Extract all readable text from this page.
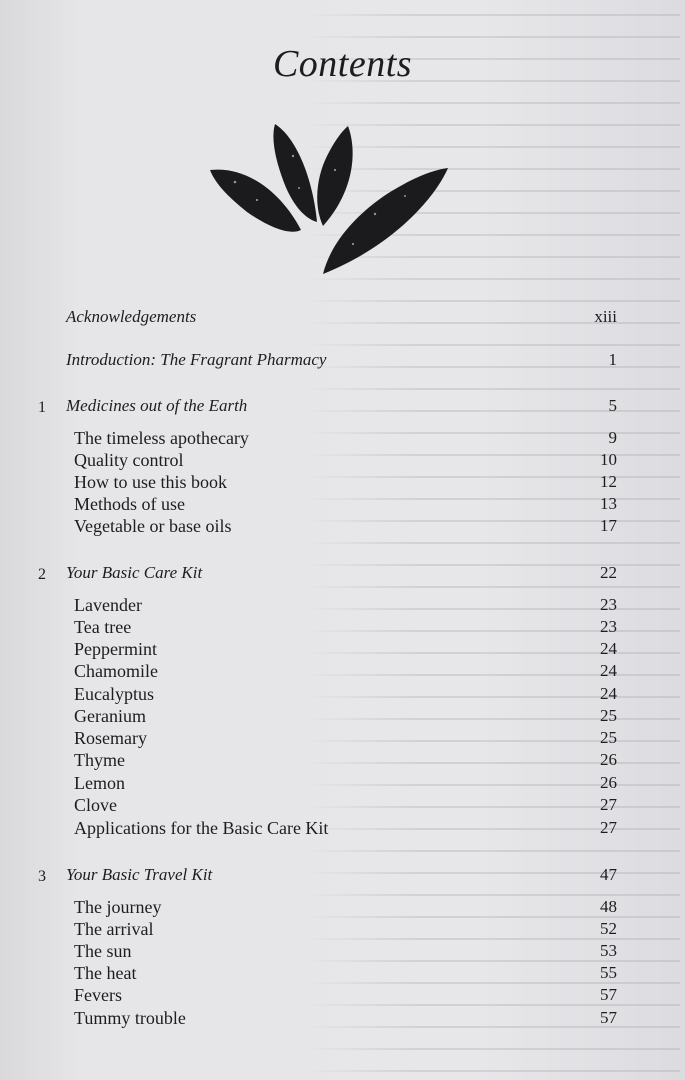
Contents
Acknowledgements	xiii
Introduction: The Fragrant Pharmacy	1
1 Medicines out of the Earth	5
The timeless apothecary	9
Quality control	10
How to use this book	12
Methods of use	13
Vegetable or base oils	17
2 Your Basic Care Kit	22
Lavender	23
Tea tree	23
Peppermint	24
Chamomile	24
Eucalyptus	24
Geranium	25
Rosemary	25
Thyme	26
Lemon	26
Clove	27
Applications for the Basic Care Kit	27
3 Your Basic Travel Kit	47
The journey	48
The arrival	52
The sun	53
The heat	55
Fevers	57
Tummy trouble	57
